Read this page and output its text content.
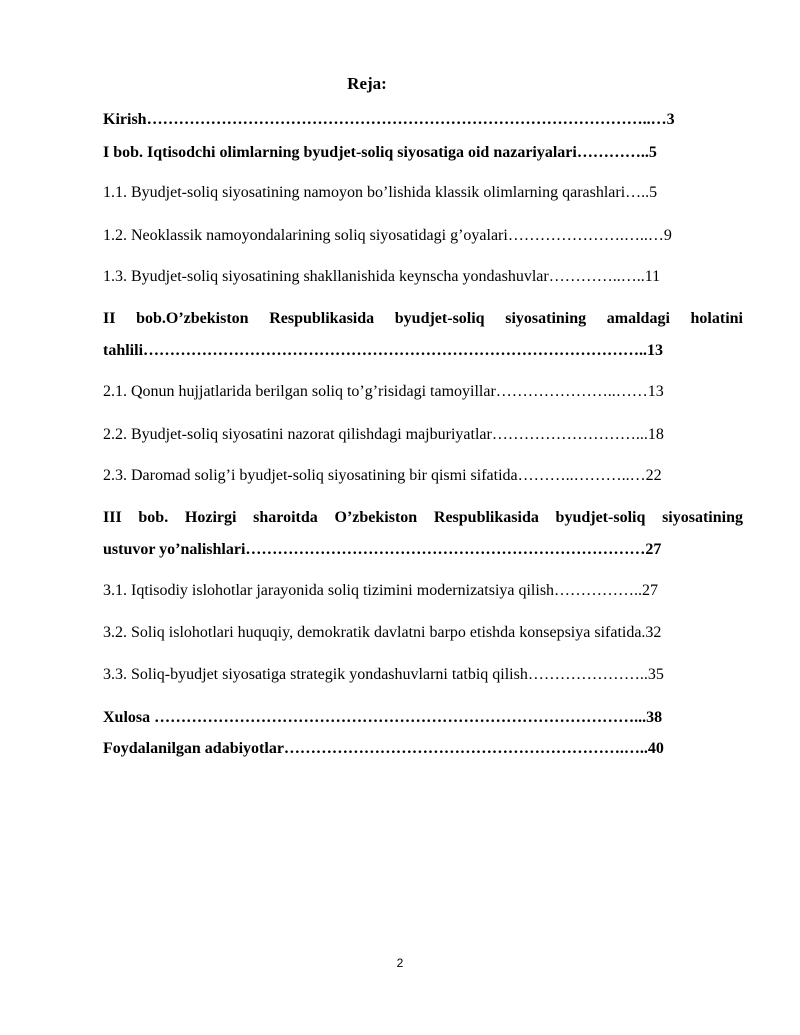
Reja:
Kirish…………………………………………………………………………………..…3
I bob. Iqtisodchi olimlarning byudjet-soliq siyosatiga oid nazariyalari…………..5
1.1. Byudjet-soliq siyosatining namoyon bo’lishida klassik olimlarning qarashlari…..5
1.2. Neoklassik namoyondalarining soliq siyosatidagi g’oyalari………………….…..…9
1.3. Byudjet-soliq siyosatining shakllanishida keynscha yondashuvlar…………..…..11
II bob.O’zbekiston Respublikasida byudjet-soliq siyosatining amaldagi holatini
tahlili…………………………………………………………………………………..13
2.1. Qonun hujjatlarida berilgan soliq to’g’risidagi tamoyillar…………………..……13
2.2. Byudjet-soliq siyosatini nazorat qilishdagi majburiyatlar………………………...18
2.3. Daromad solig’i byudjet-soliq siyosatining bir qismi sifatida………..………..…22
III bob. Hozirgi sharoitda O’zbekiston Respublikasida byudjet-soliq siyosatining
ustuvor yo’nalishlari…………………………………………………………………27
3.1. Iqtisodiy islohotlar jarayonida soliq tizimini modernizatsiya qilish……………..27
3.2. Soliq islohotlari huquqiy, demokratik davlatni barpo etishda konsepsiya sifatida.32
3.3. Soliq-byudjet siyosatiga strategik yondashuvlarni tatbiq qilish…………………..35
Xulosa ………………………………………………………………………………...38
Foydalanilgan adabiyotlar……………………………………………………….…..40
2
